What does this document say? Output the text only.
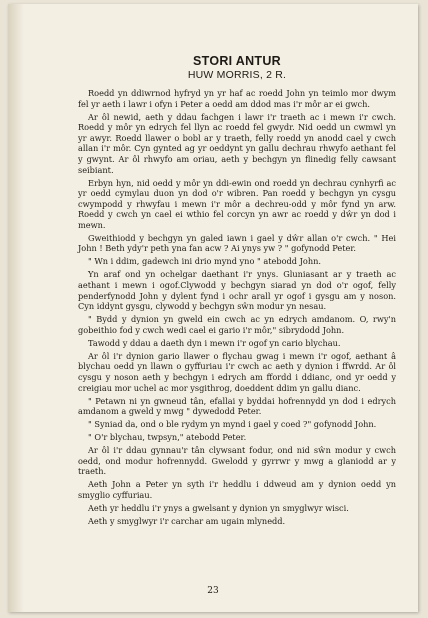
STORI ANTUR

HUW MORRIS, 2 R.

Roedd yn ddiwrnod hyfryd yn yr haf ac roedd John yn teimlo mor dwym fel yr aeth i lawr i ofyn i Peter a oedd am ddod mas i'r môr ar ei gwch.

Ar ôl newid, aeth y ddau fachgen i lawr i'r traeth ac i mewn i'r cwch. Roedd y môr yn edrych fel llyn ac roedd fel gwydr. Nid oedd un cwmwl yn yr awyr. Roedd llawer o bobl ar y traeth, felly roedd yn anodd cael y cwch allan i'r môr. Cyn gynted ag yr oeddynt yn gallu dechrau rhwyfo aethant fel y gwynt. Ar ôl rhwyfo am oriau, aeth y bechgyn yn flinedig felly cawsant seibiant.

Erbyn hyn, nid oedd y môr yn ddi-ewin ond roedd yn dechrau cynhyrfi ac yr oedd cymylau duon yn dod o'r wibren. Pan roedd y bechgyn yn cysgu cwympodd y rhwyfau i mewn i'r môr a dechreu-odd y môr fynd yn arw. Roedd y cwch yn cael ei wthio fel corcyn yn awr ac roedd y dŵr yn dod i mewn.

Gweithiodd y bechgyn yn galed iawn i gael y dŵr allan o'r cwch. " Hei John ! Beth ydy'r peth yna fan acw ? Ai ynys yw ? " gofynodd Peter.

" Wn i ddim, gadewch ini drio mynd yno " atebodd John.

Yn araf ond yn ochelgar daethant i'r ynys. Gluniasant ar y traeth ac aethant i mewn i ogof.Clywodd y bechgyn siarad yn dod o'r ogof, felly penderfynodd John y dylent fynd i ochr arall yr ogof i gysgu am y noson. Cyn iddynt gysgu, clywodd y bechgyn sŵn modur yn nesau.

" Bydd y dynion yn gweld ein cwch ac yn edrych amdanom. O, rwy'n gobeithio fod y cwch wedi cael ei gario i'r môr," sibrydodd John.

Tawodd y ddau a daeth dyn i mewn i'r ogof yn cario blychau.

Ar ôl i'r dynion gario llawer o flychau gwag i mewn i'r ogof, aethant â blychau oedd yn llawn o gyffuriau i'r cwch ac aeth y dynion i ffwrdd. Ar ôl cysgu y noson aeth y bechgyn i edrych am ffordd i ddianc, ond yr oedd y creigiau mor uchel ac mor ysgithrog, doeddent ddim yn gallu dianc.

" Petawn ni yn gwneud tân, efallai y byddai hofrennydd yn dod i edrych amdanom a gweld y mwg " dywedodd Peter.

" Syniad da, ond o ble rydym yn mynd i gael y coed ?" gofynodd John.

" O'r blychau, twpsyn," atebodd Peter.

Ar ôl i'r ddau gynnau'r tân clywsant fodur, ond nid sŵn modur y cwch oedd, ond modur hofrennydd. Gwelodd y gyrrwr y mwg a glaniodd ar y traeth.

Aeth John a Peter yn syth i'r heddlu i ddweud am y dynion oedd yn smyglio cyffuriau.

Aeth yr heddlu i'r ynys a gwelsant y dynion yn smyglwyr wisci.

Aeth y smyglwyr i'r carchar am ugain mlynedd.

23
